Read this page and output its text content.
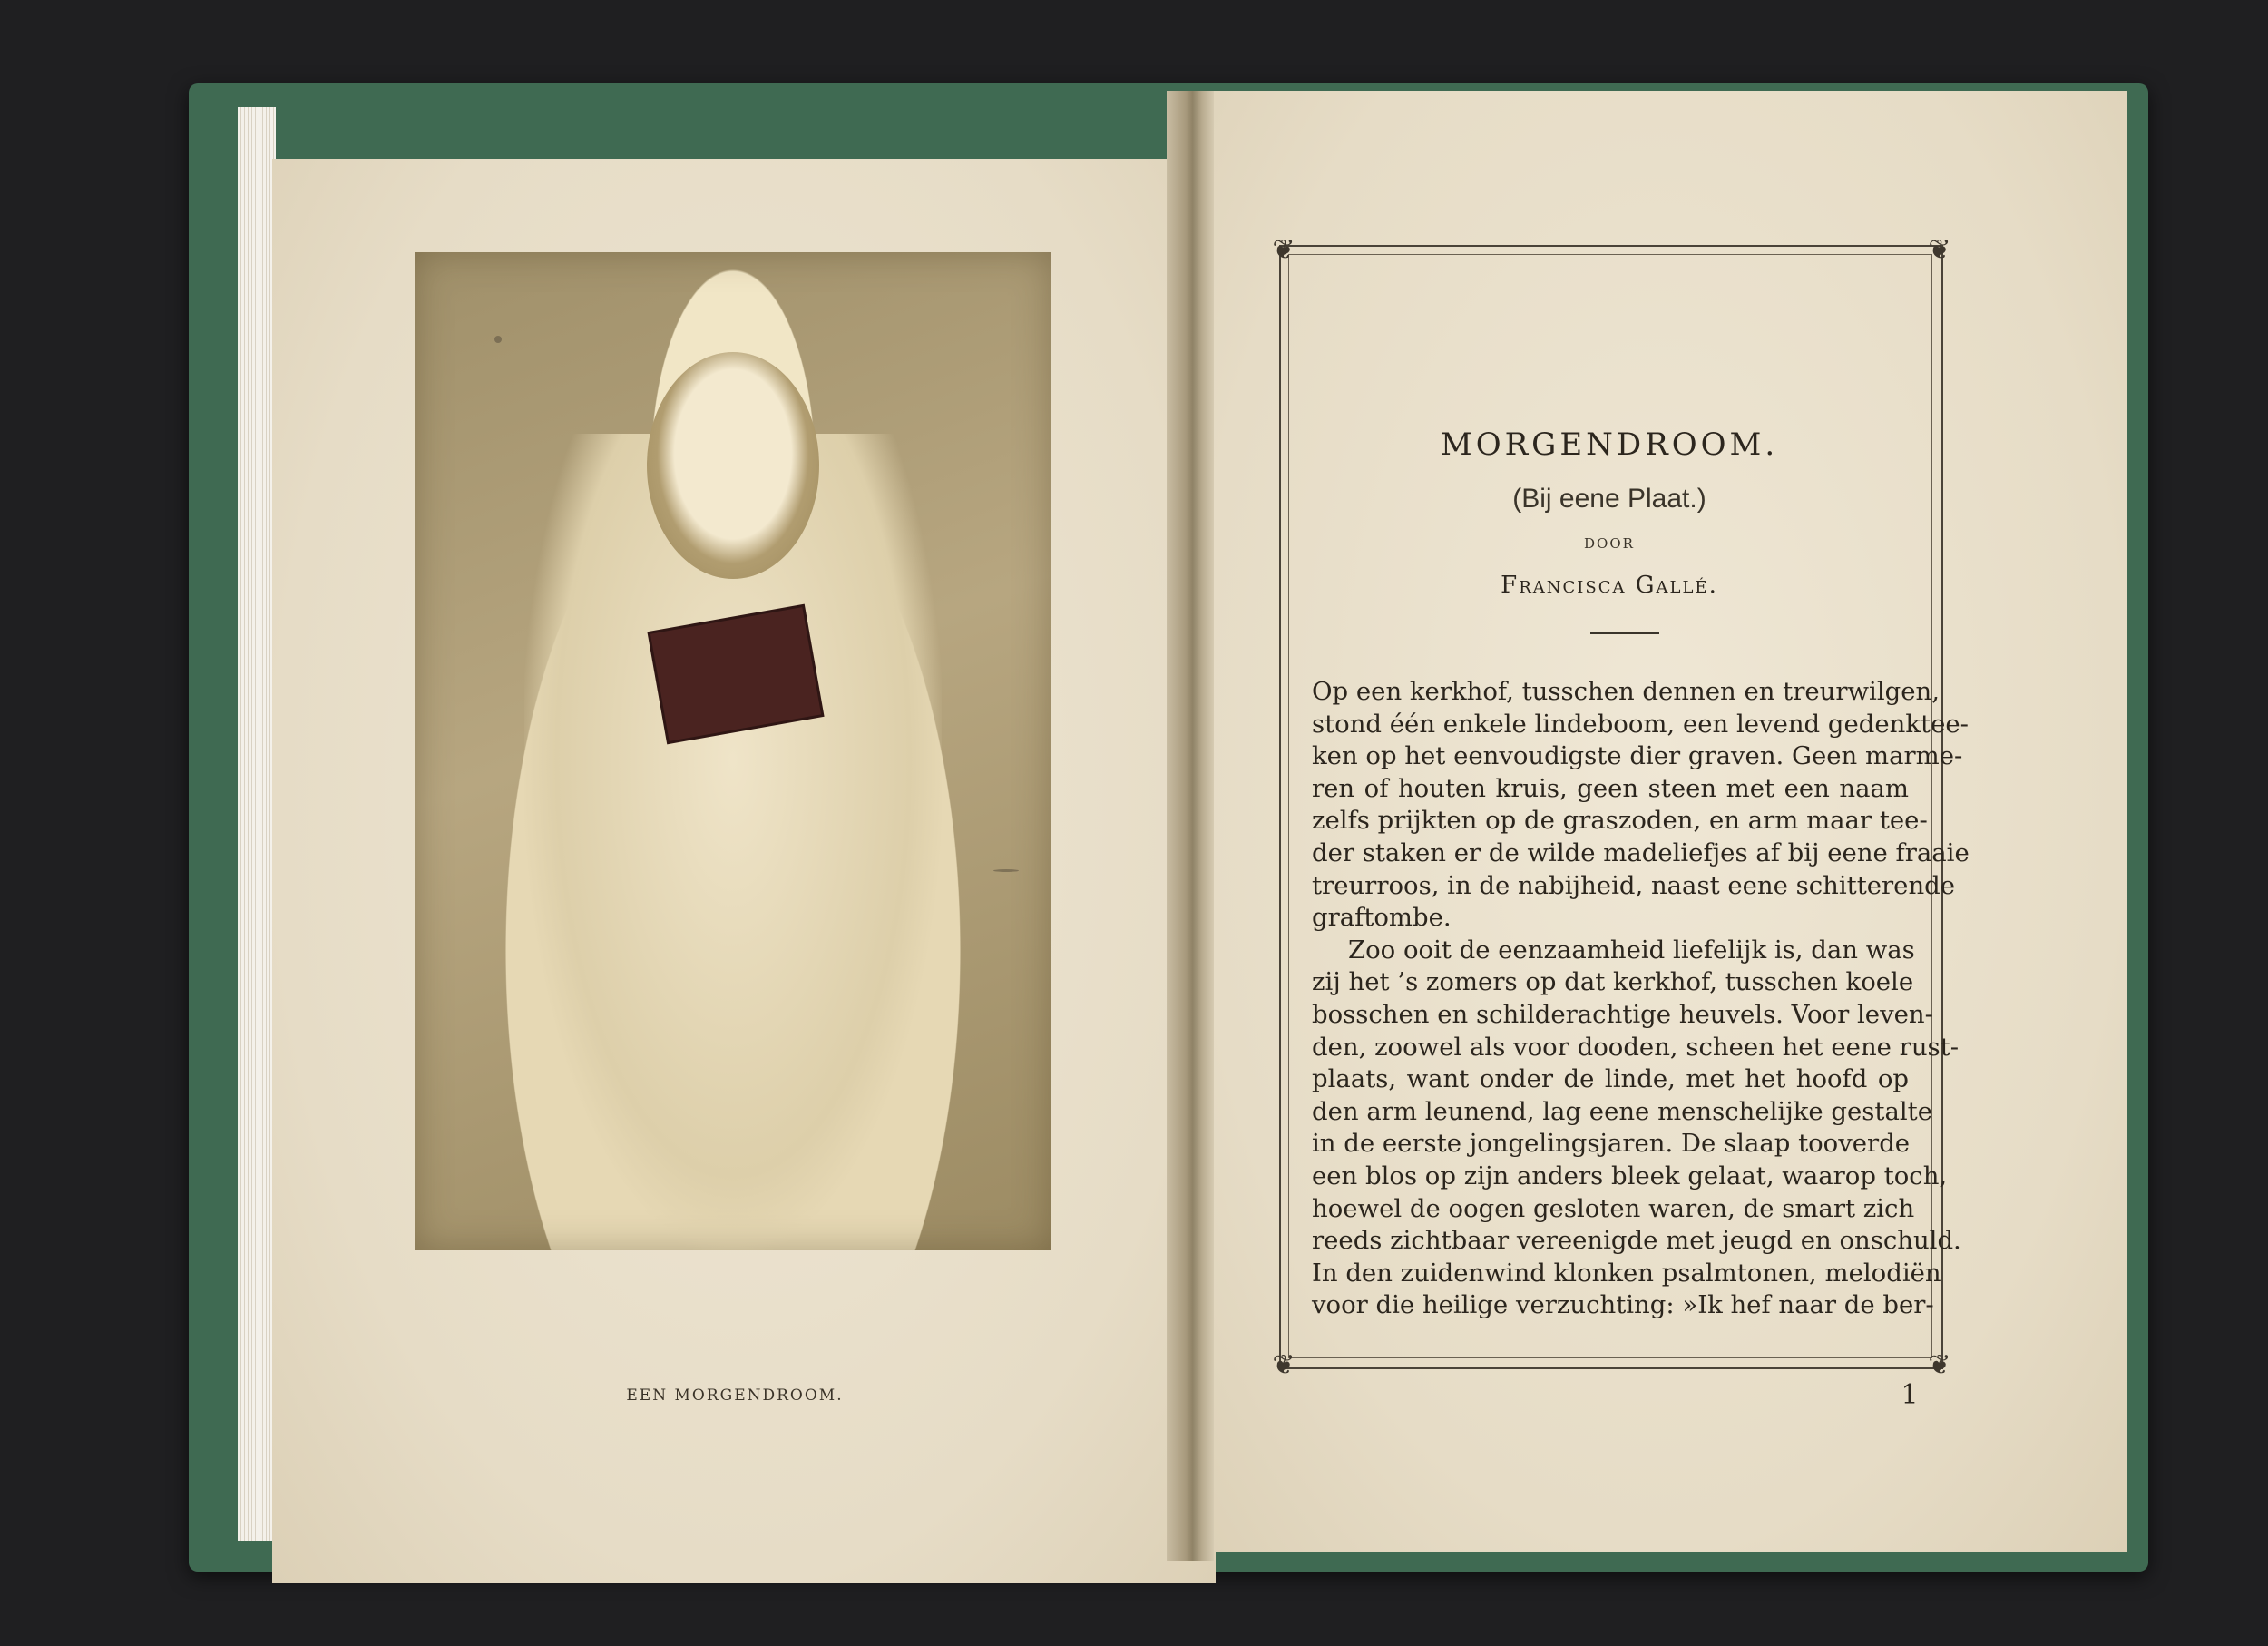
EEN MORGENDROOM.
❦	❦
❦	❦
MORGENDROOM.
(Bij eene Plaat.)
DOOR
Francisca Gallé.
Op een kerkhof, tusschen dennen en treurwilgen,
stond één enkele lindeboom, een levend gedenktee-
ken op het eenvoudigste dier graven. Geen marme-
ren of houten kruis, geen steen met een naam
zelfs prijkten op de graszoden, en arm maar tee-
der staken er de wilde madeliefjes af bij eene fraaie
treurroos, in de nabijheid, naast eene schitterende
graftombe.
Zoo ooit de eenzaamheid liefelijk is, dan was
zij het ’s zomers op dat kerkhof, tusschen koele
bosschen en schilderachtige heuvels. Voor leven-
den, zoowel als voor dooden, scheen het eene rust-
plaats, want onder de linde, met het hoofd op
den arm leunend, lag eene menschelijke gestalte
in de eerste jongelingsjaren. De slaap tooverde
een blos op zijn anders bleek gelaat, waarop toch,
hoewel de oogen gesloten waren, de smart zich
reeds zichtbaar vereenigde met jeugd en onschuld.
In den zuidenwind klonken psalmtonen, melodiën
voor die heilige verzuchting: »Ik hef naar de ber-
1
